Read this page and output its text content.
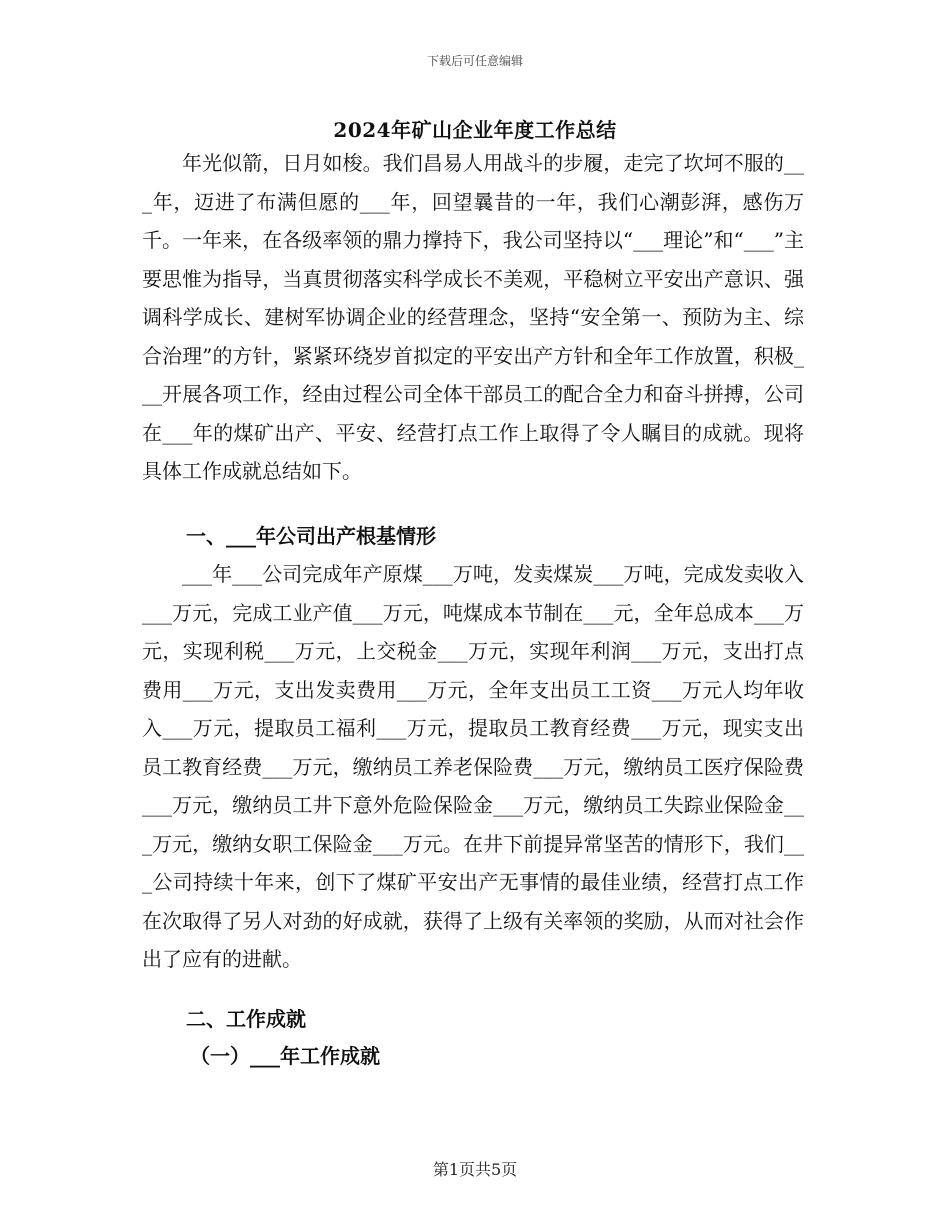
下载后可任意编辑
2024年矿山企业年度工作总结

年光似箭，日月如梭。我们昌易人用战斗的步履，走完了坎坷不服的___年，迈进了布满但愿的___年，回望曩昔的一年，我们心潮彭湃，感伤万千。一年来，在各级率领的鼎力撑持下，我公司坚持以“___理论”和“___”主要思惟为指导，当真贯彻落实科学成长不美观，平稳树立平安出产意识、强调科学成长、建树军协调企业的经营理念，坚持“安全第一、预防为主、综合治理”的方针，紧紧环绕岁首拟定的平安出产方针和全年工作放置，积极___开展各项工作，经由过程公司全体干部员工的配合全力和奋斗拼搏，公司在___年的煤矿出产、平安、经营打点工作上取得了令人瞩目的成就。现将具体工作成就总结如下。

一、___年公司出产根基情形

___年___公司完成年产原煤___万吨，发卖煤炭___万吨，完成发卖收入___万元，完成工业产值___万元，吨煤成本节制在___元，全年总成本___万元，实现利税___万元，上交税金___万元，实现年利润___万元，支出打点费用___万元，支出发卖费用___万元，全年支出员工工资___万元人均年收入___万元，提取员工福利___万元，提取员工教育经费___万元，现实支出员工教育经费___万元，缴纳员工养老保险费___万元，缴纳员工医疗保险费___万元，缴纳员工井下意外危险保险金___万元，缴纳员工失踪业保险金___万元，缴纳女职工保险金___万元。在井下前提异常坚苦的情形下，我们___公司持续十年来，创下了煤矿平安出产无事情的最佳业绩，经营打点工作在次取得了另人对劲的好成就，获得了上级有关率领的奖励，从而对社会作出了应有的进献。

二、工作成就

（一）___年工作成就

第1页共5页
